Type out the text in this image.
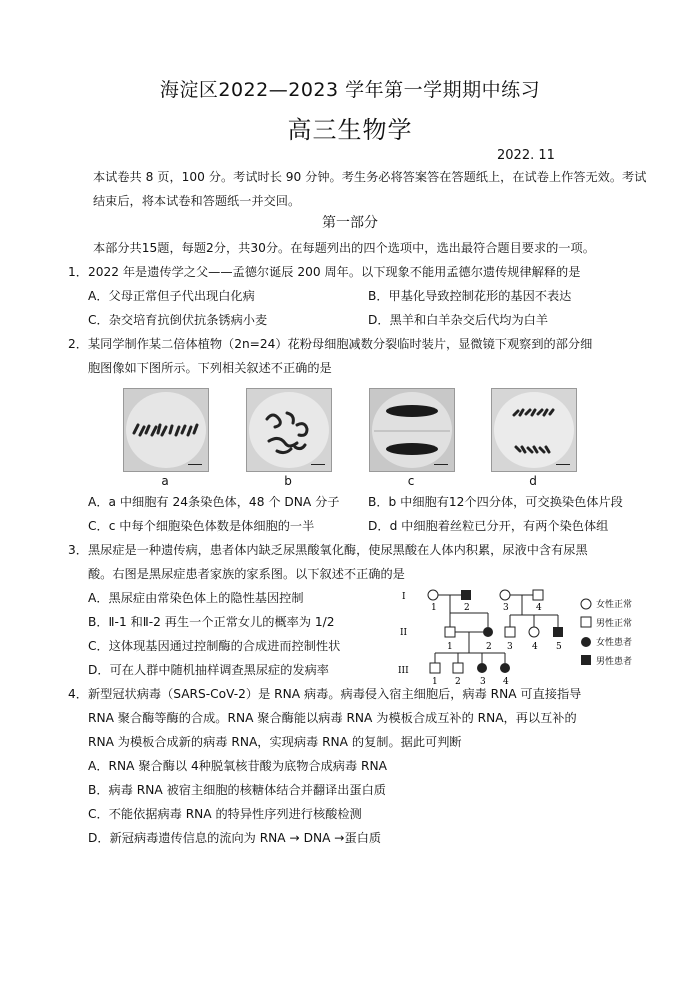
海淀区2022—2023 学年第一学期期中练习
高三生物学
2022. 11
本试卷共 8 页，100 分。考试时长 90 分钟。考生务必将答案答在答题纸上，在试卷上作答无效。考试结束后，将本试卷和答题纸一并交回。
第一部分
本部分共15题，每题2分，共30分。在每题列出的四个选项中，选出最符合题目要求的一项。
1．2022 年是遗传学之父——孟德尔诞辰 200 周年。以下现象不能用孟德尔遗传规律解释的是
A．父母正常但子代出现白化病	B．甲基化导致控制花形的基因不表达
C．杂交培育抗倒伏抗条锈病小麦	D．黑羊和白羊杂交后代均为白羊
2．某同学制作某二倍体植物（2n=24）花粉母细胞减数分裂临时装片，显微镜下观察到的部分细
胞图像如下图所示。下列相关叙述不正确的是
a	b	c	d
A．a 中细胞有 24条染色体，48 个 DNA 分子 B．b 中细胞有12个四分体，可交换染色体片段
C．c 中每个细胞染色体数是体细胞的一半	D．d 中细胞着丝粒已分开，有两个染色体组
3．黑尿症是一种遗传病，患者体内缺乏尿黑酸氧化酶，使尿黑酸在人体内积累，尿液中含有尿黑
酸。右图是黑尿症患者家族的家系图。以下叙述不正确的是
A．黑尿症由常染色体上的隐性基因控制
B．Ⅱ-1 和Ⅱ-2 再生一个正常女儿的概率为 1/2
C．这体现基因通过控制酶的合成进而控制性状
D．可在人群中随机抽样调查黑尿症的发病率
I
II
III
1	2	3	4
1	2 3 4 5
1 2 3 4
女性正常
男性正常
女性患者
男性患者
4．新型冠状病毒（SARS-CoV-2）是 RNA 病毒。病毒侵入宿主细胞后，病毒 RNA 可直接指导
RNA 聚合酶等酶的合成。RNA 聚合酶能以病毒 RNA 为模板合成互补的 RNA，再以互补的
RNA 为模板合成新的病毒 RNA，实现病毒 RNA 的复制。据此可判断
A．RNA 聚合酶以 4种脱氧核苷酸为底物合成病毒 RNA
B．病毒 RNA 被宿主细胞的核糖体结合并翻译出蛋白质
C．不能依据病毒 RNA 的特异性序列进行核酸检测
D．新冠病毒遗传信息的流向为 RNA → DNA →蛋白质
